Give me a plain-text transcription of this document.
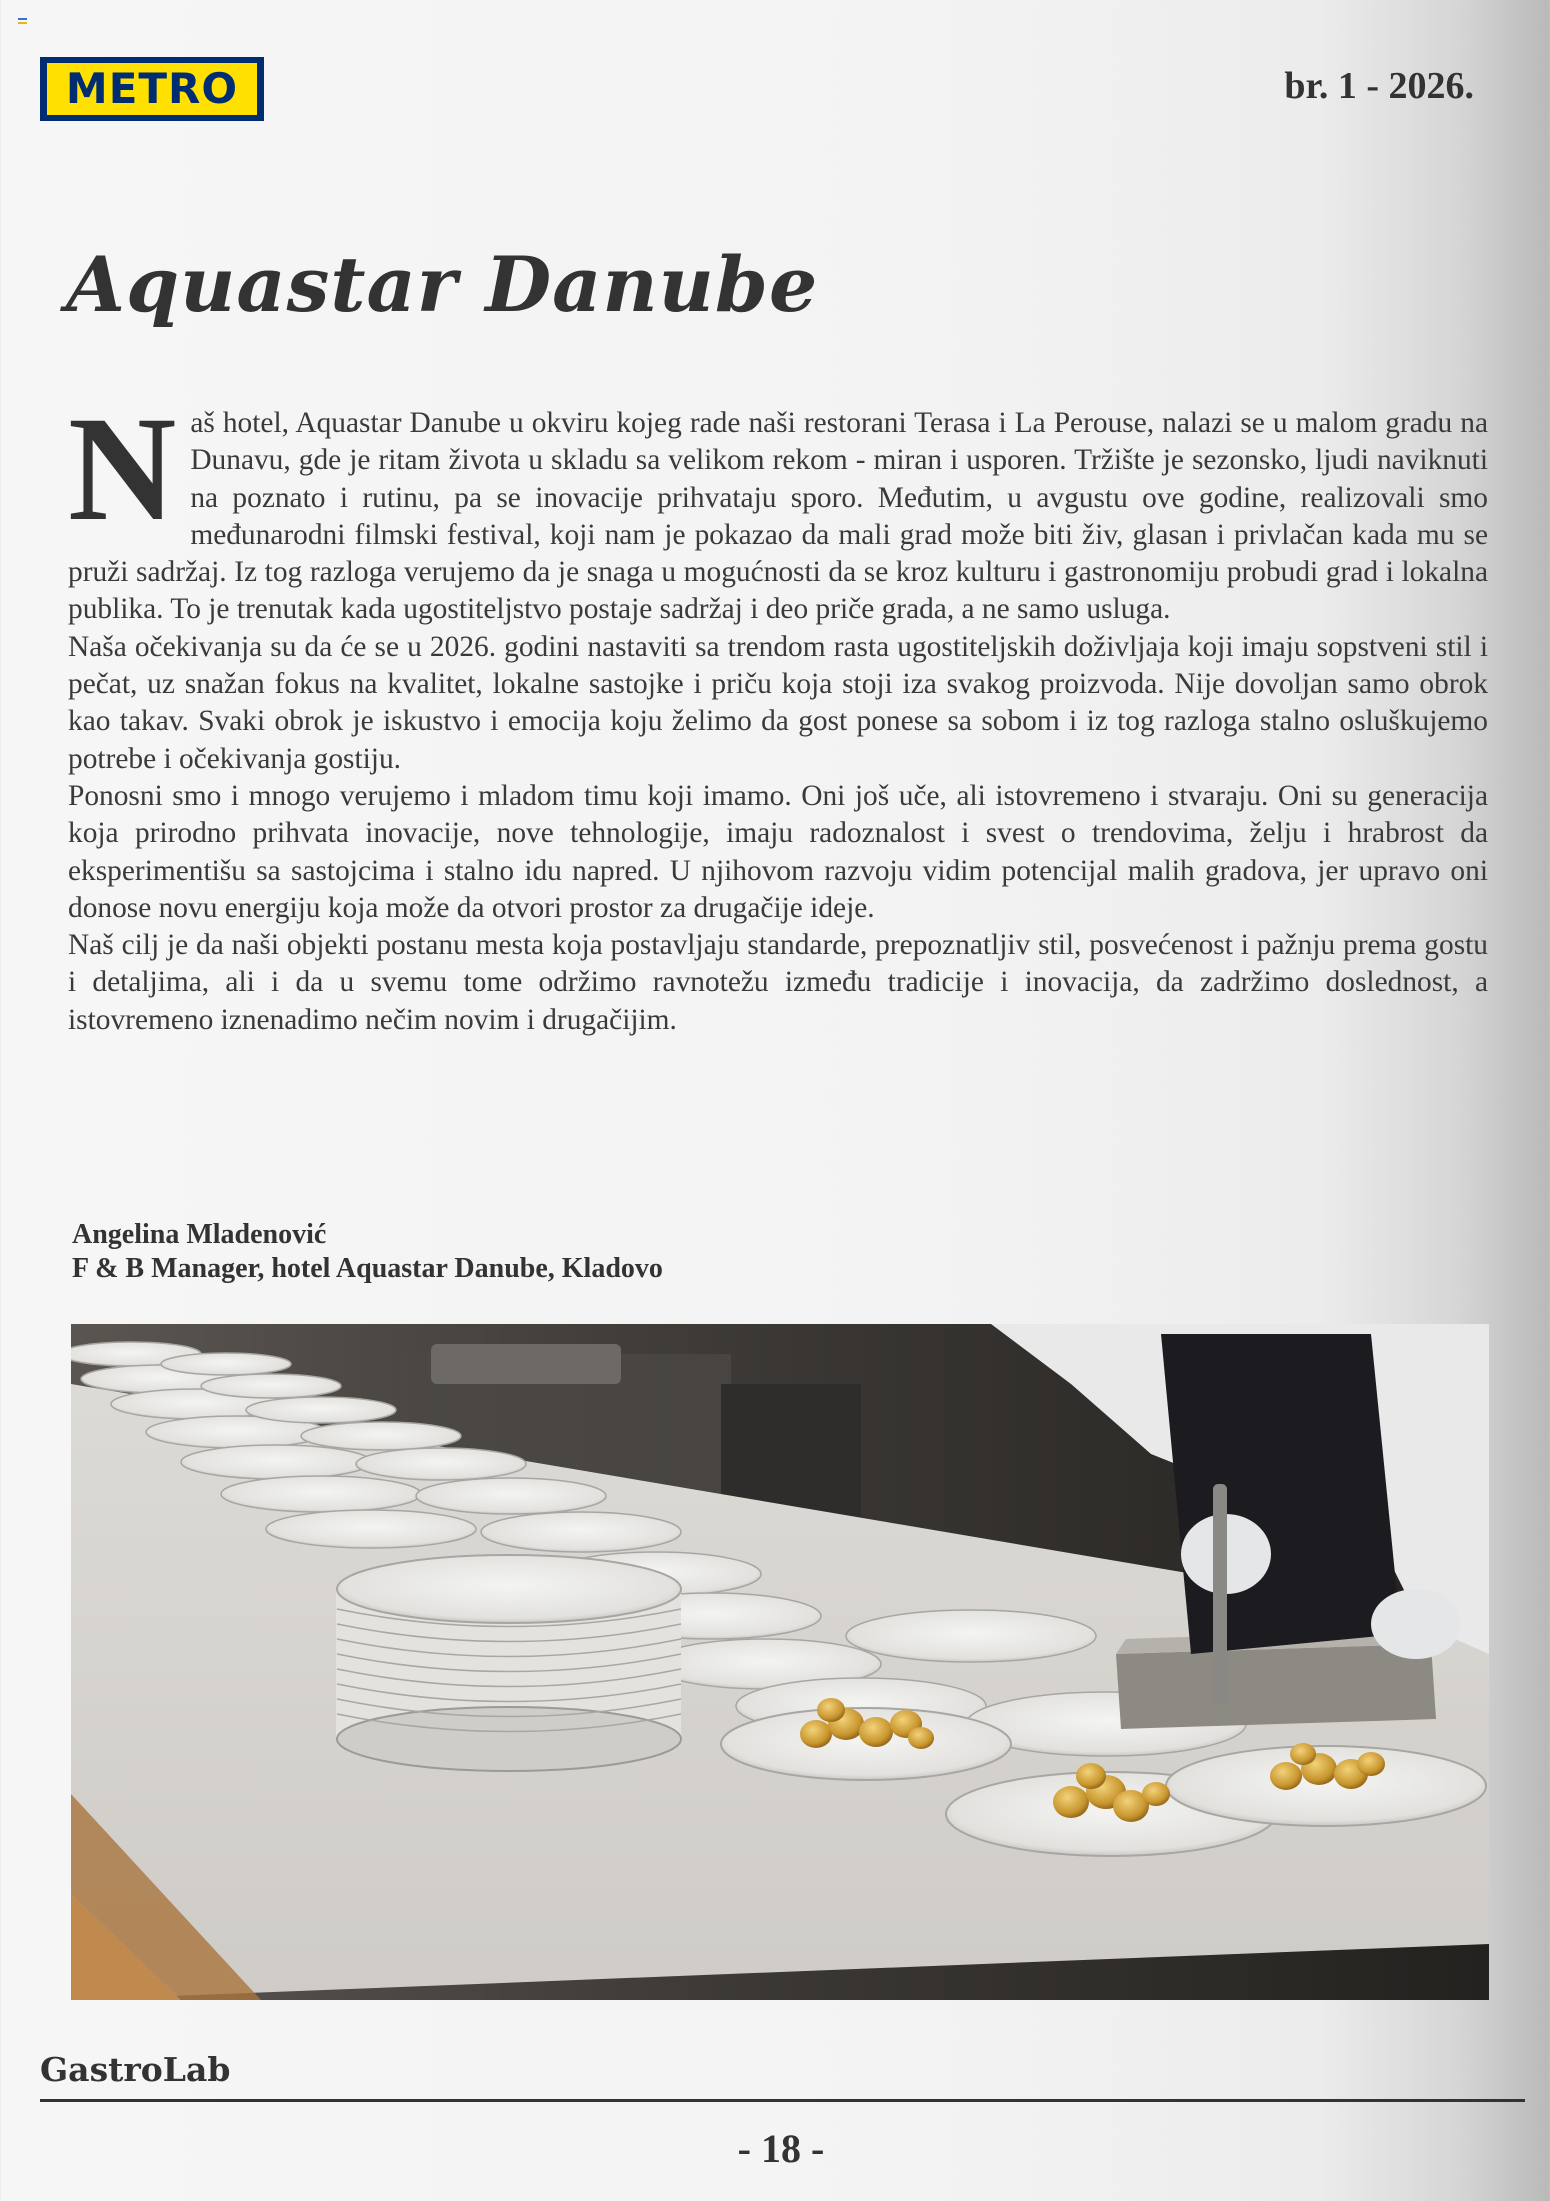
METRO	br. 1 - 2026.
Aquastar Danube

Naš hotel, Aquastar Danube u okviru kojeg rade naši restorani Terasa i La Perouse, nalazi se u malom gradu na Dunavu, gde je ritam života u skladu sa velikom rekom - miran i usporen. Tržište je sezonsko, ljudi naviknuti na poznato i rutinu, pa se inovacije prihvataju sporo. Međutim, u avgustu ove godine, realizovali smo međunarodni filmski festival, koji nam je pokazao da mali grad može biti živ, glasan i privlačan kada mu se pruži sadržaj. Iz tog razloga verujemo da je snaga u mogućnosti da se kroz kulturu i gastronomiju probudi grad i lokalna publika. To je trenutak kada ugostiteljstvo postaje sadržaj i deo priče grada, a ne samo usluga.

Naša očekivanja su da će se u 2026. godini nastaviti sa trendom rasta ugostiteljskih doživljaja koji imaju sopstveni stil i pečat, uz snažan fokus na kvalitet, lokalne sastojke i priču koja stoji iza svakog proizvoda. Nije dovoljan samo obrok kao takav. Svaki obrok je iskustvo i emocija koju želimo da gost ponese sa sobom i iz tog razloga stalno osluškujemo potrebe i očekivanja gostiju.

Ponosni smo i mnogo verujemo i mladom timu koji imamo. Oni još uče, ali istovremeno i stvaraju. Oni su generacija koja prirodno prihvata inovacije, nove tehnologije, imaju radoznalost i svest o trendovima, želju i hrabrost da eksperimentišu sa sastojcima i stalno idu napred. U njihovom razvoju vidim potencijal malih gradova, jer upravo oni donose novu energiju koja može da otvori prostor za drugačije ideje.

Naš cilj je da naši objekti postanu mesta koja postavljaju standarde, prepoznatljiv stil, posvećenost i pažnju prema gostu i detaljima, ali i da u svemu tome održimo ravnotežu između tradicije i inovacija, da zadržimo doslednost, a istovremeno iznenadimo nečim novim i drugačijim.

Angelina Mladenović
F & B Manager, hotel Aquastar Danube, Kladovo
GastroLab
- 18 -
